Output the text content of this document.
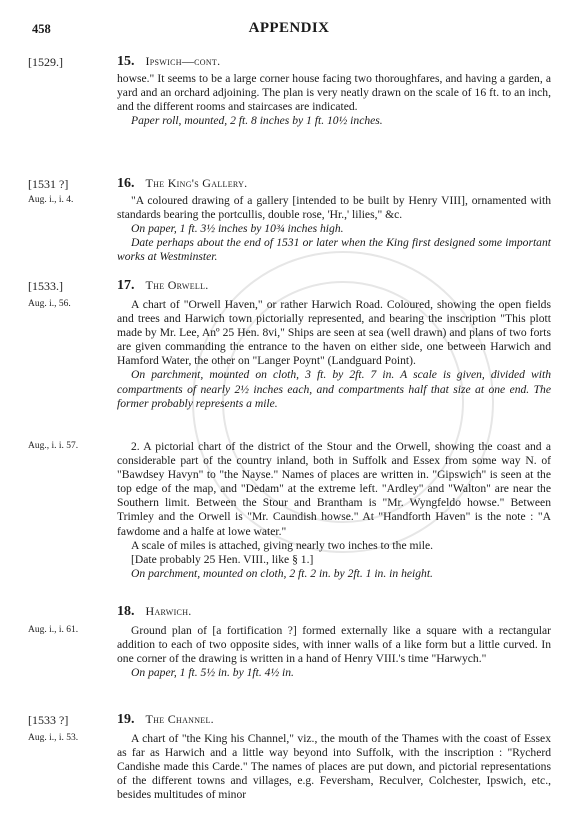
458	APPENDIX
[1529.]	15. Ipswich—cont.

howse." It seems to be a large corner house facing two thoroughfares, and having a garden, a yard and an orchard adjoining. The plan is very neatly drawn on the scale of 16 ft. to an inch, and the different rooms and staircases are indicated.

Paper roll, mounted, 2 ft. 8 inches by 1 ft. 10½ inches.

[1531 ?]
Aug. i., i. 4.
16. The King's Gallery.

"A coloured drawing of a gallery [intended to be built by Henry VIII], ornamented with standards bearing the portcullis, double rose, 'Hr.,' lilies," &c.

On paper, 1 ft. 3½ inches by 10¾ inches high.

Date perhaps about the end of 1531 or later when the King first designed some important works at Westminster.

[1533.]
Aug. i., 56.
17. The Orwell.

A chart of "Orwell Haven," or rather Harwich Road. Coloured, showing the open fields and trees and Harwich town pictorially represented, and bearing the inscription "This plott made by Mr. Lee, Anº 25 Hen. 8vi," Ships are seen at sea (well drawn) and plans of two forts are given commanding the entrance to the haven on either side, one between Harwich and Hamford Water, the other on "Langer Poynt" (Landguard Point).

On parchment, mounted on cloth, 3 ft. by 2ft. 7 in. A scale is given, divided with compartments of nearly 2½ inches each, and compartments half that size at one end. The former probably represents a mile.

Aug., i. i. 57.	2. A pictorial chart of the district of the Stour and the Orwell, showing the coast and a considerable part of the country inland, both in Suffolk and Essex from some way N. of "Bawdsey Havyn" to "the Nayse." Names of places are written in. "Gipswich" is seen at the top edge of the map, and "Dedam" at the extreme left. "Ardley" and "Walton" are near the Southern limit. Between the Stour and Brantham is "Mr. Wyngfeldo howse." Between Trimley and the Orwell is "Mr. Caundish howse." At "Handforth Haven" is the note : "A fawdome and a halfe at lowe water."

A scale of miles is attached, giving nearly two inches to the mile.

[Date probably 25 Hen. VIII., like § 1.]

On parchment, mounted on cloth, 2 ft. 2 in. by 2ft. 1 in. in height.

Aug. i., i. 61.
18. Harwich.

Ground plan of [a fortification ?] formed externally like a square with a rectangular addition to each of two opposite sides, with inner walls of a like form but a little curved. In one corner of the drawing is written in a hand of Henry VIII.'s time "Harwych."

On paper, 1 ft. 5½ in. by 1ft. 4½ in.

[1533 ?]
Aug. i., i. 53.
19. The Channel.

A chart of "the King his Channel," viz., the mouth of the Thames with the coast of Essex as far as Harwich and a little way beyond into Suffolk, with the inscription : "Rycherd Candishe made this Carde." The names of places are put down, and pictorial representations of the different towns and villages, e.g. Feversham, Reculver, Colchester, Ipswich, etc., besides multitudes of minor
